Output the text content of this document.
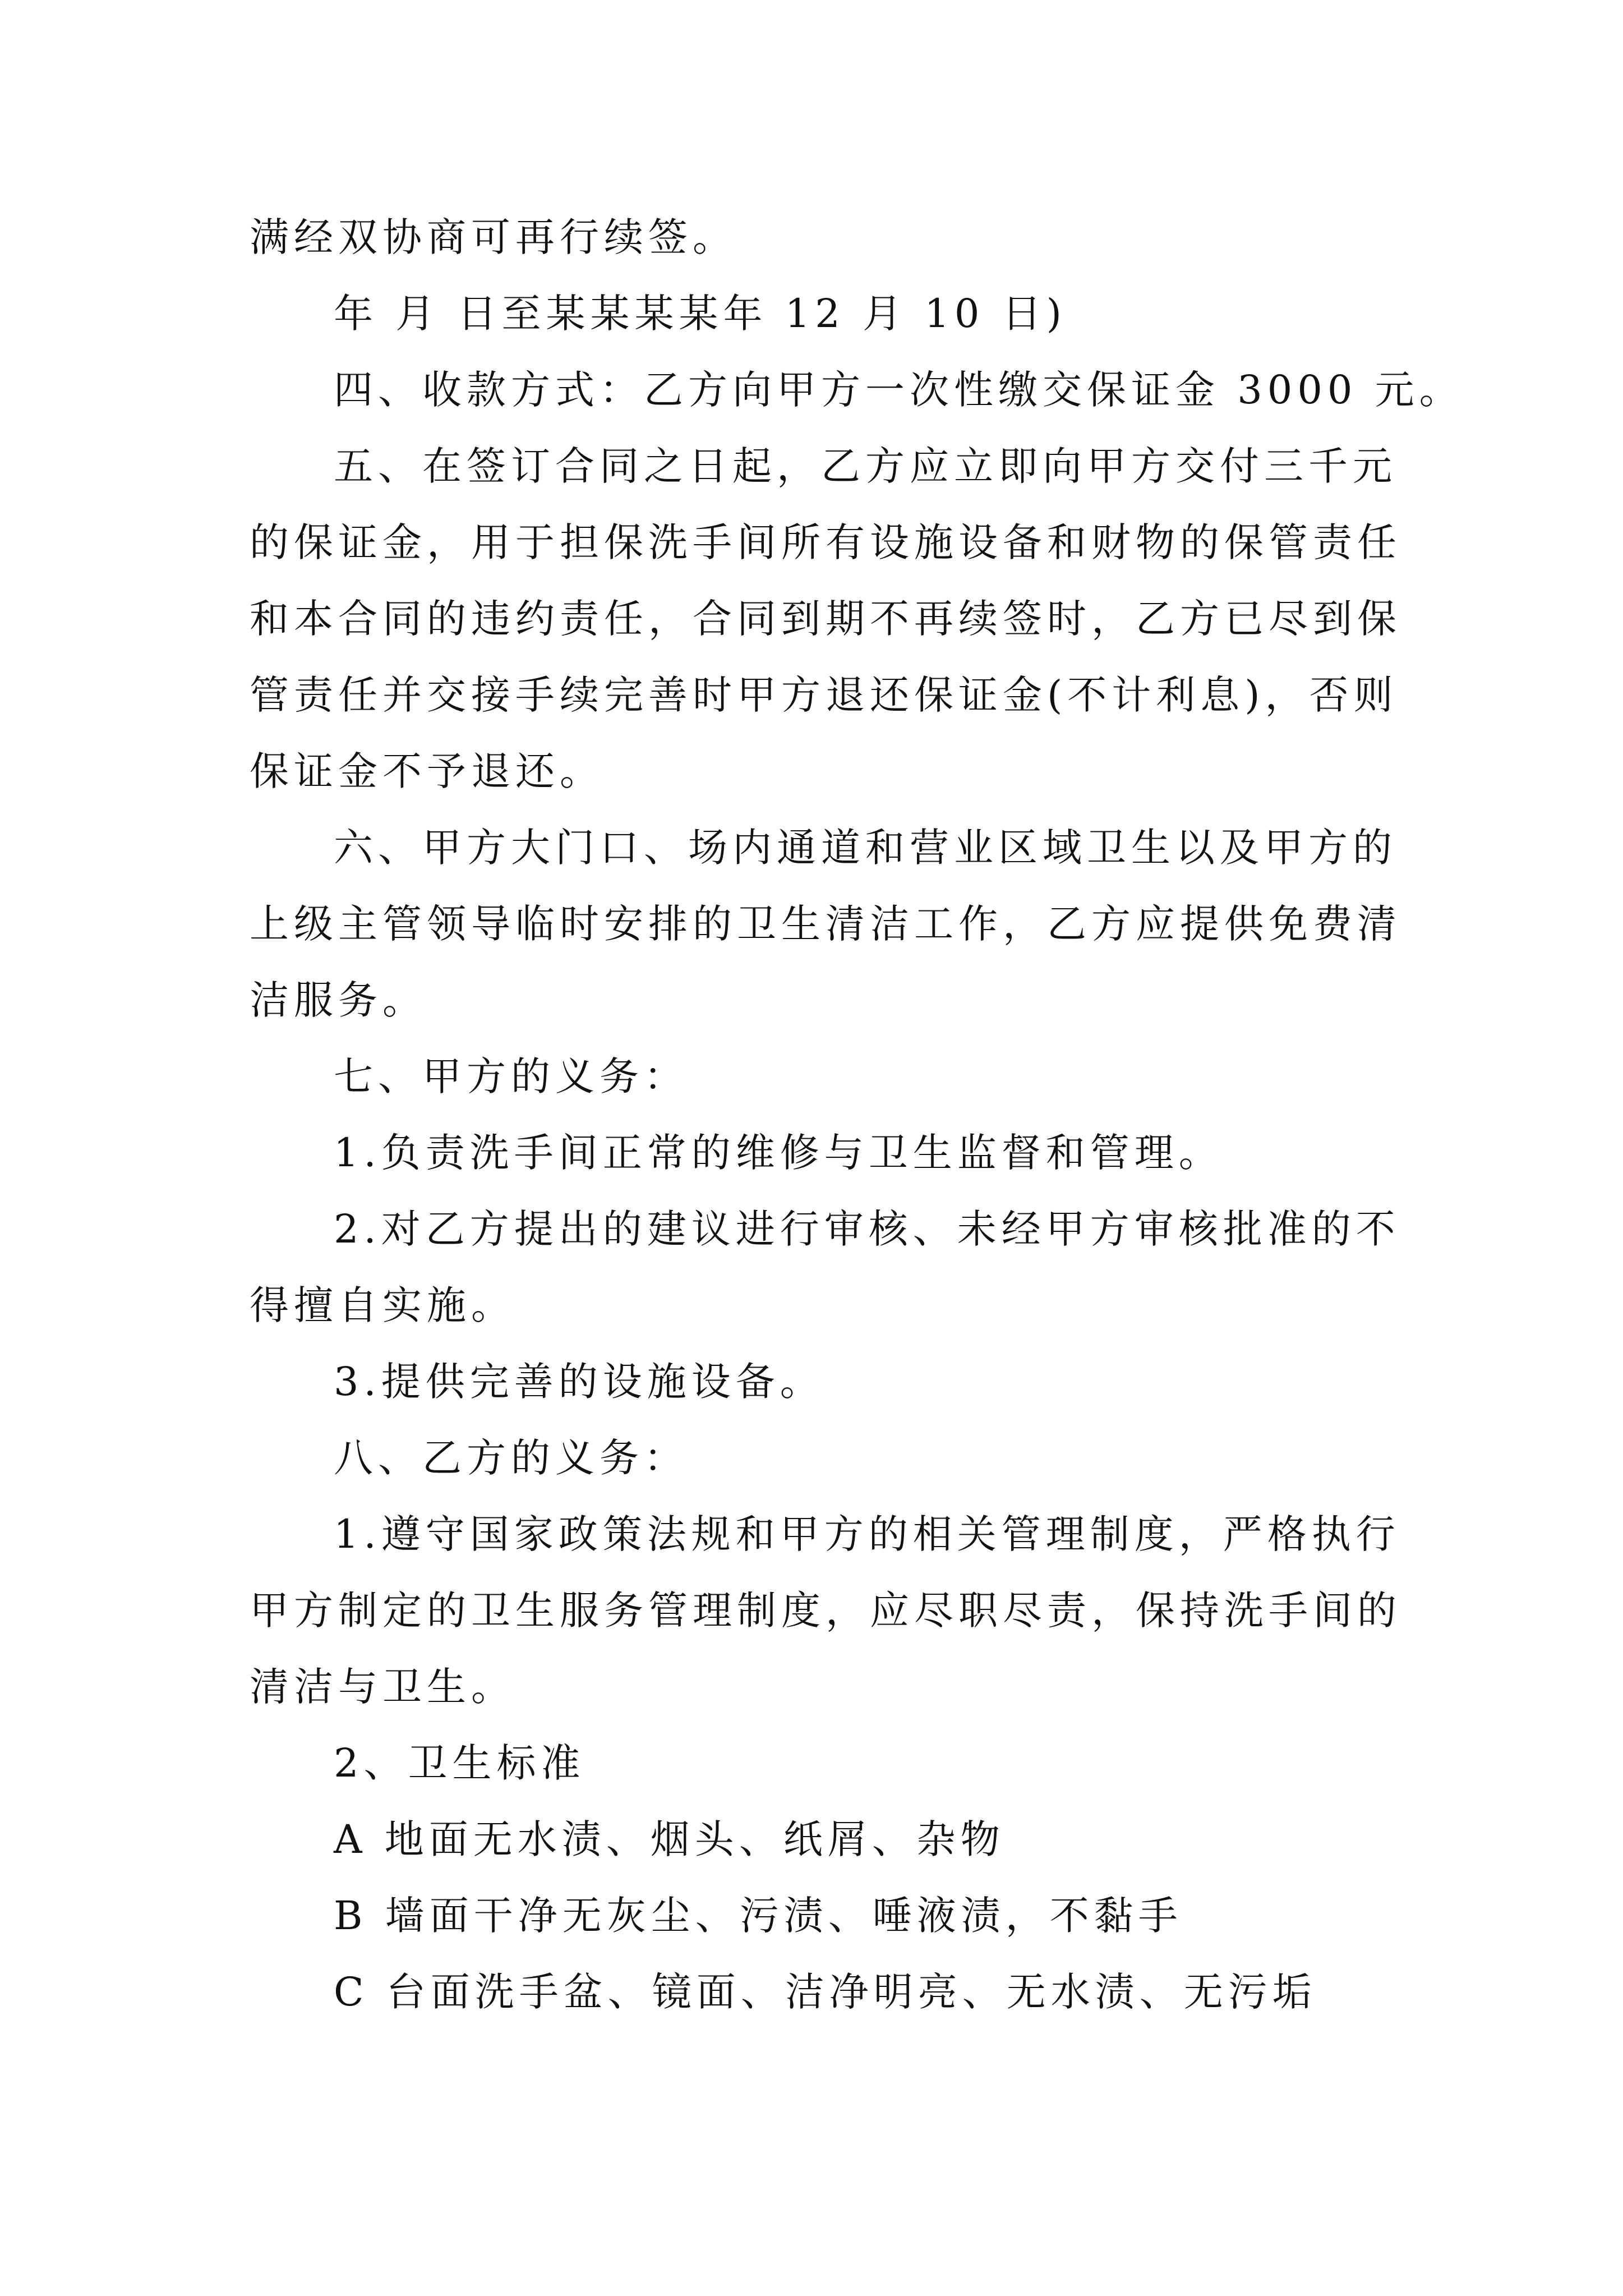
满经双协商可再行续签。
年 月 日至某某某某年 12 月 10 日)
四、收款方式：乙方向甲方一次性缴交保证金 3000 元。
五、在签订合同之日起，乙方应立即向甲方交付三千元
的保证金，用于担保洗手间所有设施设备和财物的保管责任
和本合同的违约责任，合同到期不再续签时，乙方已尽到保
管责任并交接手续完善时甲方退还保证金(不计利息)，否则
保证金不予退还。
六、甲方大门口、场内通道和营业区域卫生以及甲方的
上级主管领导临时安排的卫生清洁工作，乙方应提供免费清
洁服务。
七、甲方的义务：
1.负责洗手间正常的维修与卫生监督和管理。
2.对乙方提出的建议进行审核、未经甲方审核批准的不
得擅自实施。
3.提供完善的设施设备。
八、乙方的义务：
1.遵守国家政策法规和甲方的相关管理制度，严格执行
甲方制定的卫生服务管理制度，应尽职尽责，保持洗手间的
清洁与卫生。
2、卫生标准
A 地面无水渍、烟头、纸屑、杂物
B 墙面干净无灰尘、污渍、唾液渍，不黏手
C 台面洗手盆、镜面、洁净明亮、无水渍、无污垢
